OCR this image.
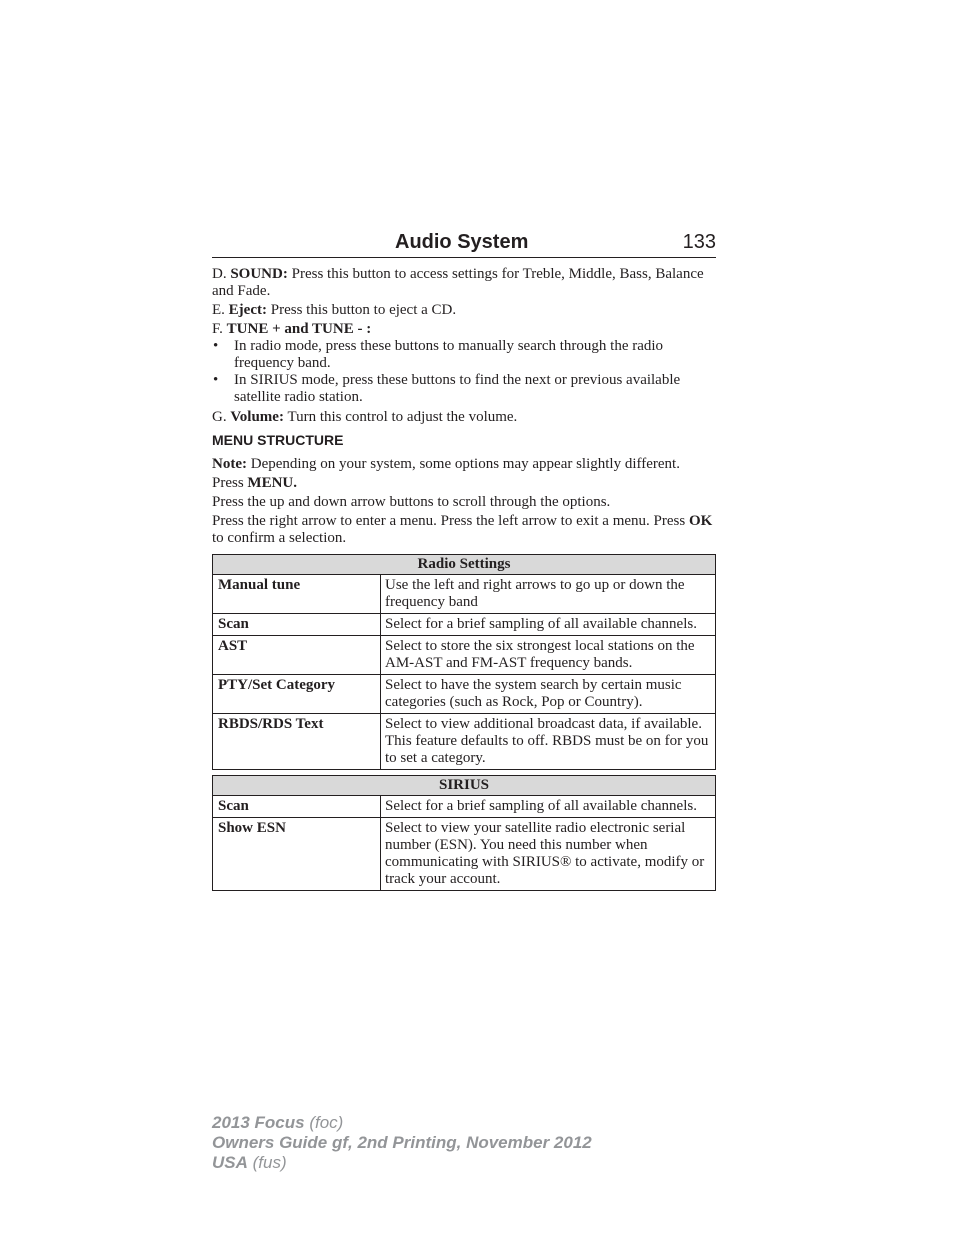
Audio System	133

D. SOUND: Press this button to access settings for Treble, Middle, Bass, Balance and Fade.

E. Eject: Press this button to eject a CD.

F. TUNE + and TUNE - :

• In radio mode, press these buttons to manually search through the radio frequency band.
• In SIRIUS mode, press these buttons to find the next or previous available satellite radio station.

G. Volume: Turn this control to adjust the volume.

MENU STRUCTURE

Note: Depending on your system, some options may appear slightly different.

Press MENU.

Press the up and down arrow buttons to scroll through the options.

Press the right arrow to enter a menu. Press the left arrow to exit a menu. Press OK to confirm a selection.

Radio Settings	
Manual tune	Use the left and right arrows to go up or down the frequency band
Scan	Select for a brief sampling of all available channels.
AST	Select to store the six strongest local stations on the AM-AST and FM-AST frequency bands.
PTY/Set Category	Select to have the system search by certain music categories (such as Rock, Pop or Country).
RBDS/RDS Text	Select to view additional broadcast data, if available. This feature defaults to off. RBDS must be on for you to set a category.
SIRIUS	
Scan	Select for a brief sampling of all available channels.
Show ESN	Select to view your satellite radio electronic serial number (ESN). You need this number when communicating with SIRIUS® to activate, modify or track your account.
2013 Focus (foc)
Owners Guide gf, 2nd Printing, November 2012
USA (fus)
